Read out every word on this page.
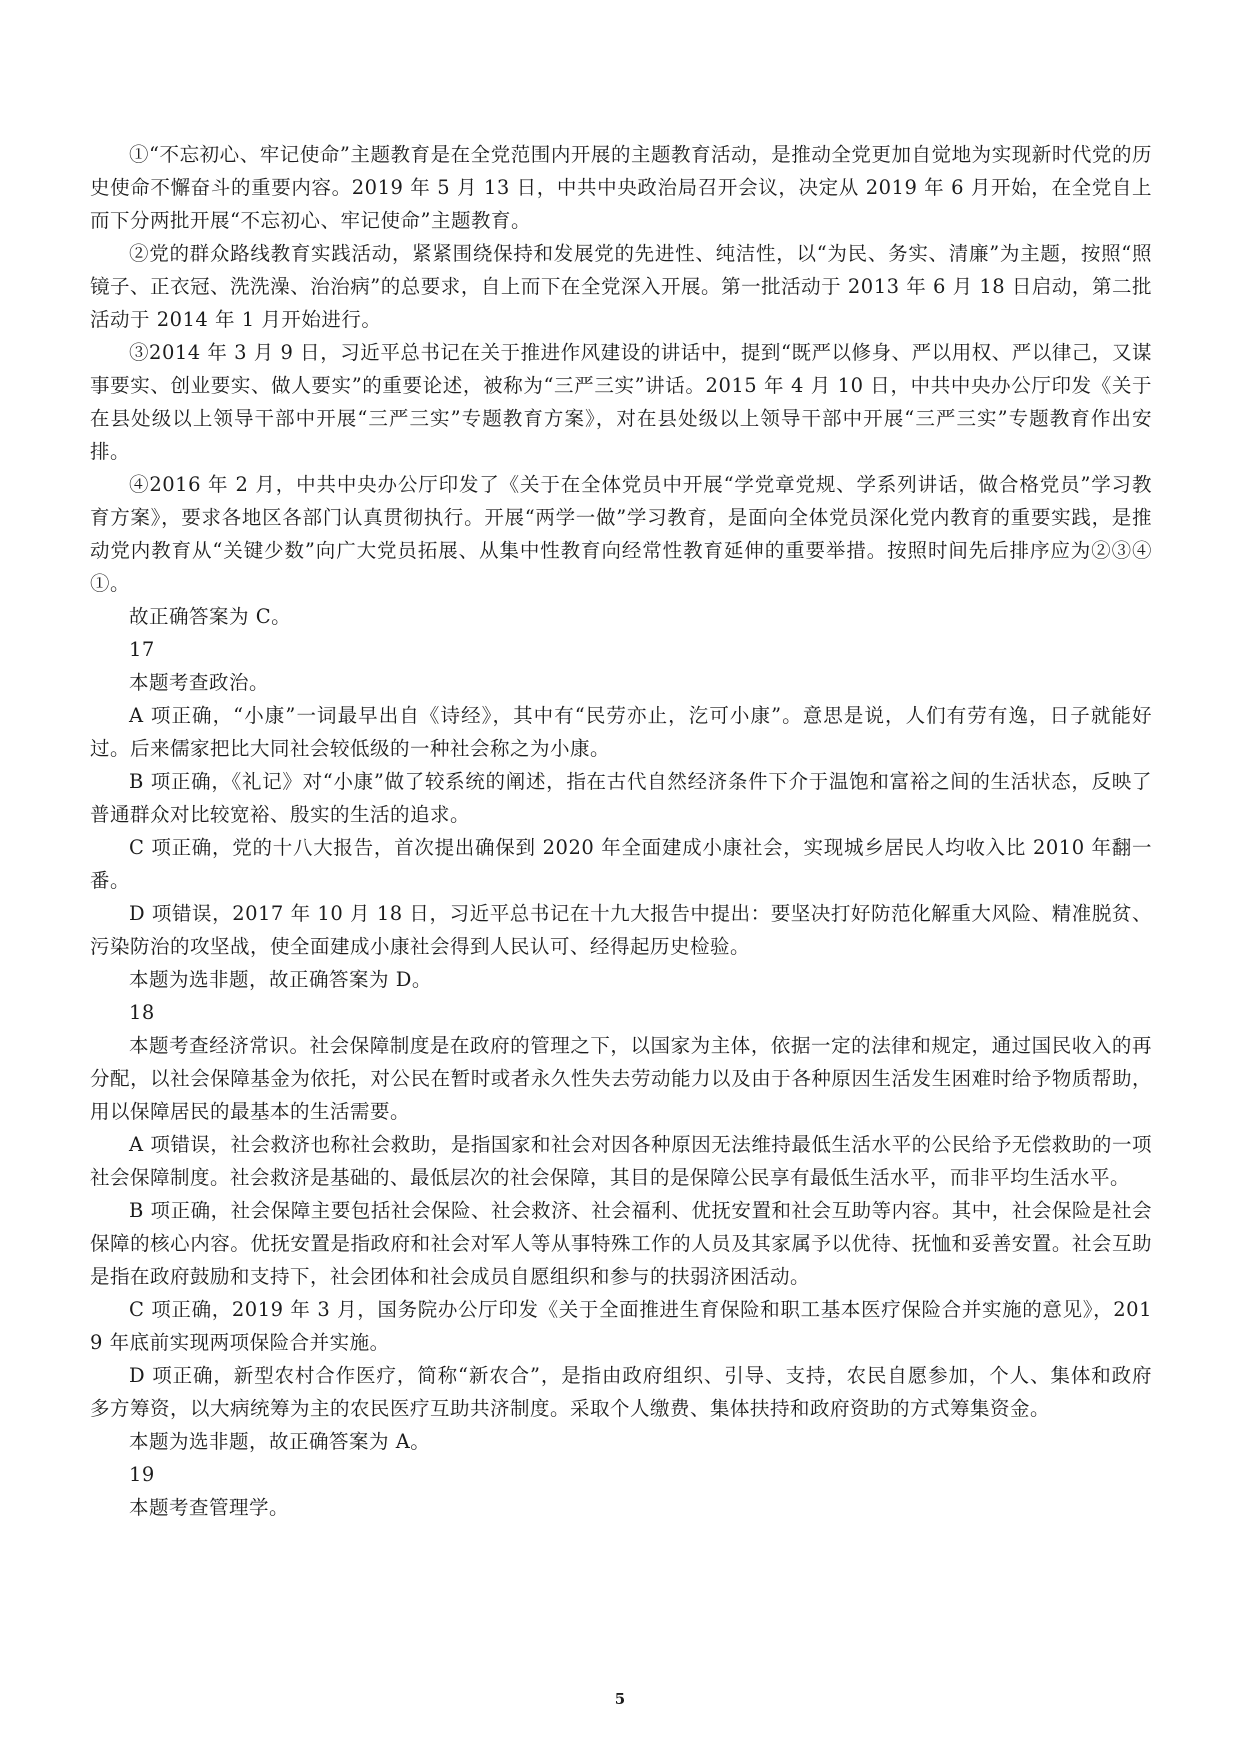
①“不忘初心、牢记使命”主题教育是在全党范围内开展的主题教育活动，是推动全党更加自觉地为实现新时代党的历史使命不懈奋斗的重要内容。2019 年 5 月 13 日，中共中央政治局召开会议，决定从 2019 年 6 月开始，在全党自上而下分两批开展“不忘初心、牢记使命”主题教育。

②党的群众路线教育实践活动，紧紧围绕保持和发展党的先进性、纯洁性，以“为民、务实、清廉”为主题，按照“照镜子、正衣冠、洗洗澡、治治病”的总要求，自上而下在全党深入开展。第一批活动于 2013 年 6 月 18 日启动，第二批活动于 2014 年 1 月开始进行。

③2014 年 3 月 9 日，习近平总书记在关于推进作风建设的讲话中，提到“既严以修身、严以用权、严以律己，又谋事要实、创业要实、做人要实”的重要论述，被称为“三严三实”讲话。2015 年 4 月 10 日，中共中央办公厅印发《关于在县处级以上领导干部中开展“三严三实”专题教育方案》，对在县处级以上领导干部中开展“三严三实”专题教育作出安排。

④2016 年 2 月，中共中央办公厅印发了《关于在全体党员中开展“学党章党规、学系列讲话，做合格党员”学习教育方案》，要求各地区各部门认真贯彻执行。开展“两学一做”学习教育，是面向全体党员深化党内教育的重要实践，是推动党内教育从“关键少数”向广大党员拓展、从集中性教育向经常性教育延伸的重要举措。按照时间先后排序应为②③④①。

故正确答案为 C。

17

本题考查政治。

A 项正确，“小康”一词最早出自《诗经》，其中有“民劳亦止，汔可小康”。意思是说，人们有劳有逸，日子就能好过。后来儒家把比大同社会较低级的一种社会称之为小康。

B 项正确，《礼记》对“小康”做了较系统的阐述，指在古代自然经济条件下介于温饱和富裕之间的生活状态，反映了普通群众对比较宽裕、殷实的生活的追求。

C 项正确，党的十八大报告，首次提出确保到 2020 年全面建成小康社会，实现城乡居民人均收入比 2010 年翻一番。

D 项错误，2017 年 10 月 18 日，习近平总书记在十九大报告中提出：要坚决打好防范化解重大风险、精准脱贫、污染防治的攻坚战，使全面建成小康社会得到人民认可、经得起历史检验。

本题为选非题，故正确答案为 D。

18

本题考查经济常识。社会保障制度是在政府的管理之下，以国家为主体，依据一定的法律和规定，通过国民收入的再分配，以社会保障基金为依托，对公民在暂时或者永久性失去劳动能力以及由于各种原因生活发生困难时给予物质帮助，用以保障居民的最基本的生活需要。

A 项错误，社会救济也称社会救助，是指国家和社会对因各种原因无法维持最低生活水平的公民给予无偿救助的一项社会保障制度。社会救济是基础的、最低层次的社会保障，其目的是保障公民享有最低生活水平，而非平均生活水平。

B 项正确，社会保障主要包括社会保险、社会救济、社会福利、优抚安置和社会互助等内容。其中，社会保险是社会保障的核心内容。优抚安置是指政府和社会对军人等从事特殊工作的人员及其家属予以优待、抚恤和妥善安置。社会互助是指在政府鼓励和支持下，社会团体和社会成员自愿组织和参与的扶弱济困活动。

C 项正确，2019 年 3 月，国务院办公厅印发《关于全面推进生育保险和职工基本医疗保险合并实施的意见》，2019 年底前实现两项保险合并实施。

D 项正确，新型农村合作医疗，简称“新农合”，是指由政府组织、引导、支持，农民自愿参加，个人、集体和政府多方筹资，以大病统筹为主的农民医疗互助共济制度。采取个人缴费、集体扶持和政府资助的方式筹集资金。

本题为选非题，故正确答案为 A。

19

本题考查管理学。

5
